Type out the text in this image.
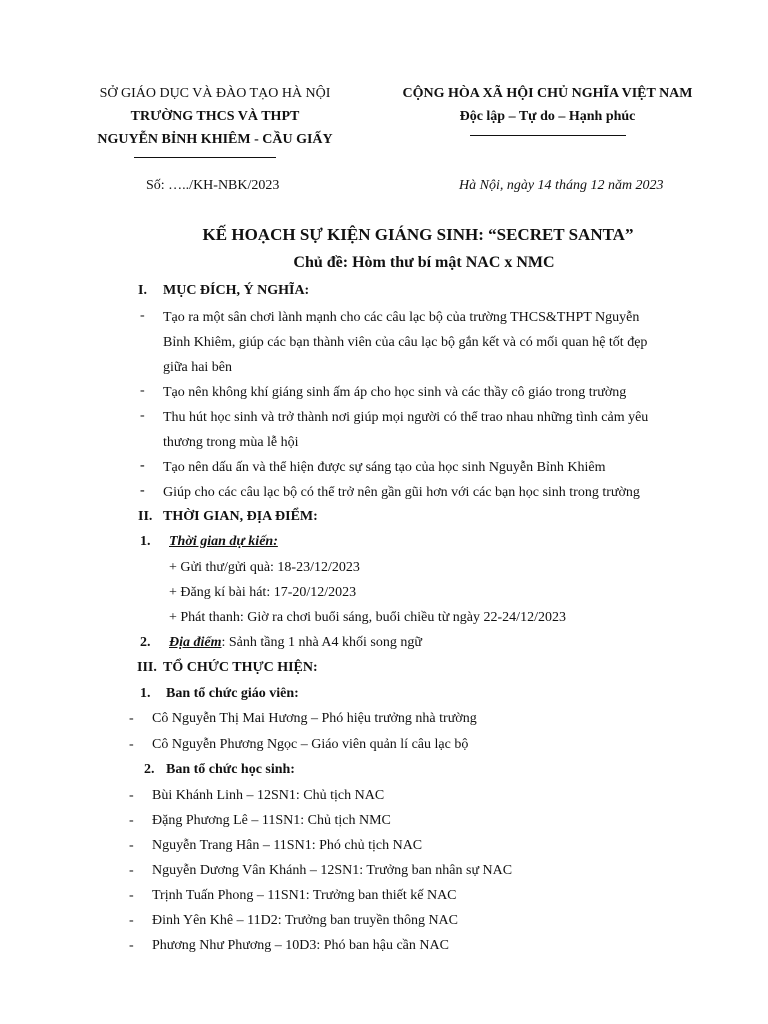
SỞ GIÁO DỤC VÀ ĐÀO TẠO HÀ NỘI
TRƯỜNG THCS VÀ THPT
NGUYỄN BỈNH KHIÊM - CẦU GIẤY
CỘNG HÒA XÃ HỘI CHỦ NGHĨA VIỆT NAM
Độc lập – Tự do – Hạnh phúc
Số: …../KH-NBK/2023	Hà Nội, ngày 14 tháng 12 năm 2023
KẾ HOẠCH SỰ KIỆN GIÁNG SINH: “SECRET SANTA”
Chủ đề: Hòm thư bí mật NAC x NMC
I. MỤC ĐÍCH, Ý NGHĨA:
- Tạo ra một sân chơi lành mạnh cho các câu lạc bộ của trường THCS&THPT Nguyễn
Bỉnh Khiêm, giúp các bạn thành viên của câu lạc bộ gắn kết và có mối quan hệ tốt đẹp
giữa hai bên
- Tạo nên không khí giáng sinh ấm áp cho học sinh và các thầy cô giáo trong trường
- Thu hút học sinh và trở thành nơi giúp mọi người có thể trao nhau những tình cảm yêu
thương trong mùa lễ hội
- Tạo nên dấu ấn và thể hiện được sự sáng tạo của học sinh Nguyễn Bỉnh Khiêm
- Giúp cho các câu lạc bộ có thể trở nên gần gũi hơn với các bạn học sinh trong trường
II. THỜI GIAN, ĐỊA ĐIỂM:
1. Thời gian dự kiến:
+ Gửi thư/gửi quà: 18-23/12/2023
+ Đăng kí bài hát: 17-20/12/2023
+ Phát thanh: Giờ ra chơi buổi sáng, buổi chiều từ ngày 22-24/12/2023
2. Địa điểm: Sảnh tầng 1 nhà A4 khối song ngữ
III. TỔ CHỨC THỰC HIỆN:
1. Ban tổ chức giáo viên:
- Cô Nguyễn Thị Mai Hương – Phó hiệu trưởng nhà trường
- Cô Nguyễn Phương Ngọc – Giáo viên quản lí câu lạc bộ
2. Ban tổ chức học sinh:
- Bùi Khánh Linh – 12SN1: Chủ tịch NAC
- Đặng Phương Lê – 11SN1: Chủ tịch NMC
- Nguyễn Trang Hân – 11SN1: Phó chủ tịch NAC
- Nguyễn Dương Vân Khánh – 12SN1: Trưởng ban nhân sự NAC
- Trịnh Tuấn Phong – 11SN1: Trưởng ban thiết kế NAC
- Đinh Yên Khê – 11D2: Trưởng ban truyền thông NAC
- Phương Như Phương – 10D3: Phó ban hậu cần NAC
